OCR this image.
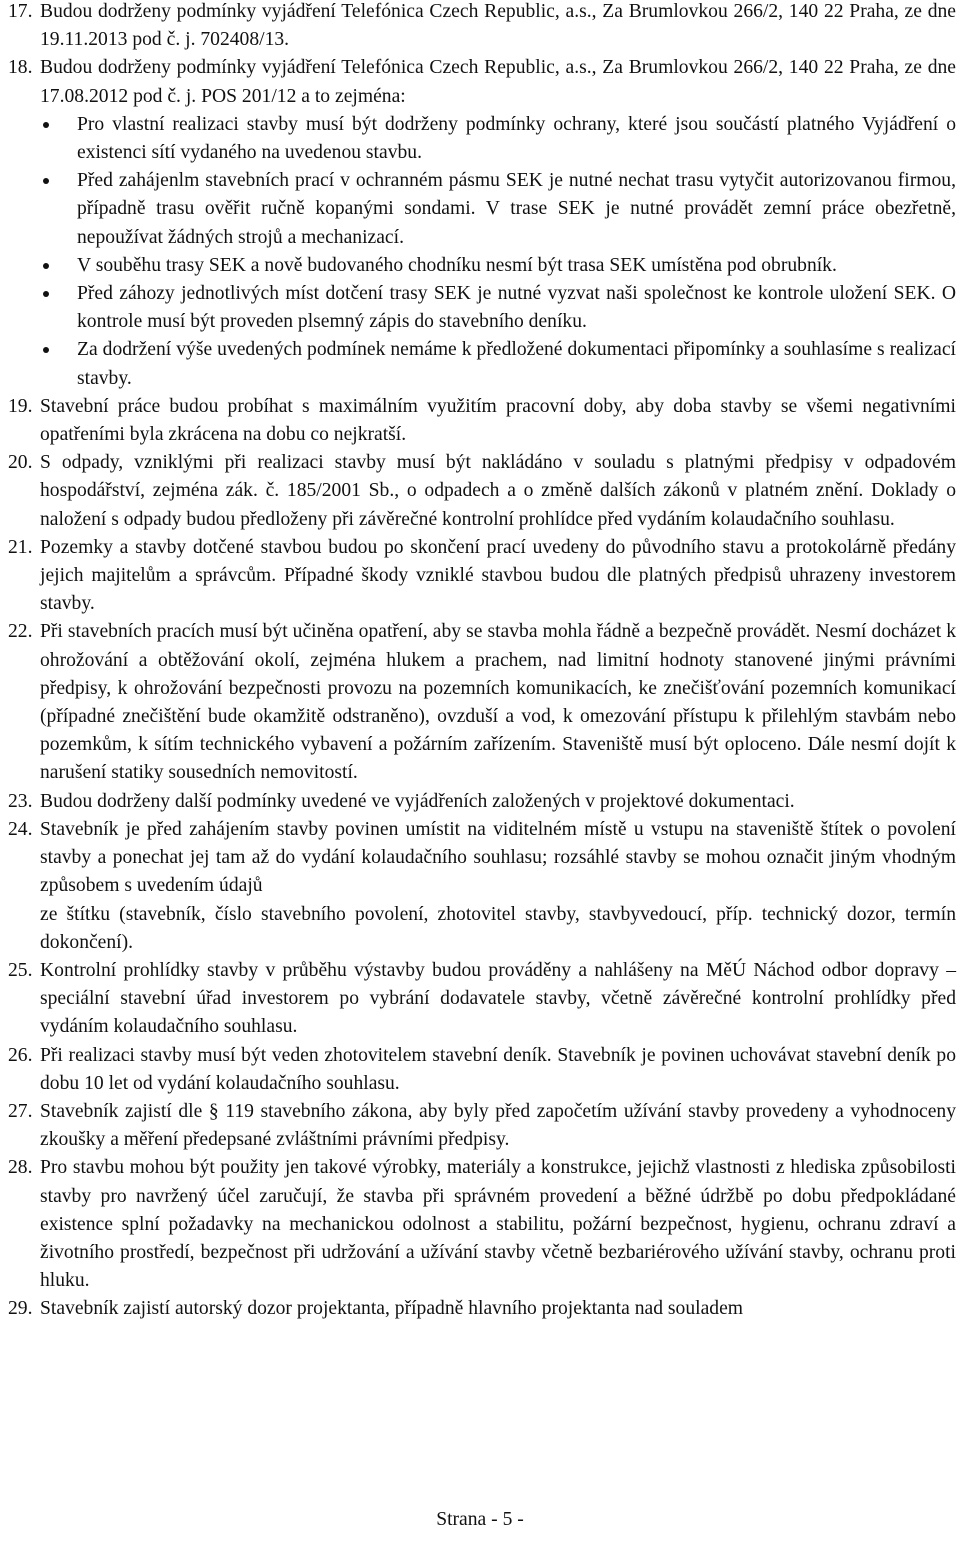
17. Budou dodrženy podmínky vyjádření Telefónica Czech Republic, a.s., Za Brumlovkou 266/2, 140 22 Praha, ze dne 19.11.2013 pod č. j. 702408/13.
18. Budou dodrženy podmínky vyjádření Telefónica Czech Republic, a.s., Za Brumlovkou 266/2, 140 22 Praha, ze dne 17.08.2012 pod č. j. POS 201/12 a to zejména:
Pro vlastní realizaci stavby musí být dodrženy podmínky ochrany, které jsou součástí platného Vyjádření o existenci sítí vydaného na uvedenou stavbu.
Před zahájenlm stavebních prací v ochranném pásmu SEK je nutné nechat trasu vytyčit autorizovanou firmou, případně trasu ověřit ručně kopanými sondami. V trase SEK je nutné provádět zemní práce obezřetně, nepoužívat žádných strojů a mechanizací.
V souběhu trasy SEK a nově budovaného chodníku nesmí být trasa SEK umístěna pod obrubník.
Před záhozy jednotlivých míst dotčení trasy SEK je nutné vyzvat naši společnost ke kontrole uložení SEK. O kontrole musí být proveden plsemný zápis do stavebního deníku.
Za dodržení výše uvedených podmínek nemáme k předložené dokumentaci připomínky a souhlasíme s realizací stavby.
19. Stavební práce budou probíhat s maximálním využitím pracovní doby, aby doba stavby se všemi negativními opatřeními byla zkrácena na dobu co nejkratší.
20. S odpady, vzniklými při realizaci stavby musí být nakládáno v souladu s platnými předpisy v odpadovém hospodářství, zejména zák. č. 185/2001 Sb., o odpadech a o změně dalších zákonů v platném znění. Doklady o naložení s odpady budou předloženy při závěrečné kontrolní prohlídce před vydáním kolaudačního souhlasu.
21. Pozemky a stavby dotčené stavbou budou po skončení prací uvedeny do původního stavu a protokolárně předány jejich majitelům a správcům. Případné škody vzniklé stavbou budou dle platných předpisů uhrazeny investorem stavby.
22. Při stavebních pracích musí být učiněna opatření, aby se stavba mohla řádně a bezpečně provádět. Nesmí docházet k ohrožování a obtěžování okolí, zejména hlukem a prachem, nad limitní hodnoty stanovené jinými právními předpisy, k ohrožování bezpečnosti provozu na pozemních komunikacích, ke znečišťování pozemních komunikací (případné znečištění bude okamžitě odstraněno), ovzduší a vod, k omezování přístupu k přilehlým stavbám nebo pozemkům, k sítím technického vybavení a požárním zařízením. Staveniště musí být oploceno. Dále nesmí dojít k narušení statiky sousedních nemovitostí.
23. Budou dodrženy další podmínky uvedené ve vyjádřeních založených v projektové dokumentaci.
24. Stavebník je před zahájením stavby povinen umístit na viditelném místě u vstupu na staveniště štítek o povolení stavby a ponechat jej tam až do vydání kolaudačního souhlasu; rozsáhlé stavby se mohou označit jiným vhodným způsobem s uvedením údajů
ze štítku (stavebník, číslo stavebního povolení, zhotovitel stavby, stavbyvedoucí, příp. technický dozor, termín dokončení).
25. Kontrolní prohlídky stavby v průběhu výstavby budou prováděny a nahlášeny na MěÚ Náchod odbor dopravy – speciální stavební úřad investorem po vybrání dodavatele stavby, včetně závěrečné kontrolní prohlídky před vydáním kolaudačního souhlasu.
26. Při realizaci stavby musí být veden zhotovitelem stavební deník. Stavebník je povinen uchovávat stavební deník po dobu 10 let od vydání kolaudačního souhlasu.
27. Stavebník zajistí dle § 119 stavebního zákona, aby byly před započetím užívání stavby provedeny a vyhodnoceny zkoušky a měření předepsané zvláštními právními předpisy.
28. Pro stavbu mohou být použity jen takové výrobky, materiály a konstrukce, jejichž vlastnosti z hlediska způsobilosti stavby pro navržený účel zaručují, že stavba při správném provedení a běžné údržbě po dobu předpokládané existence splní požadavky na mechanickou odolnost a stabilitu, požární bezpečnost, hygienu, ochranu zdraví a životního prostředí, bezpečnost při udržování a užívání stavby včetně bezbariérového užívání stavby, ochranu proti hluku.
29. Stavebník zajistí autorský dozor projektanta, případně hlavního projektanta nad souladem
Strana - 5 -
